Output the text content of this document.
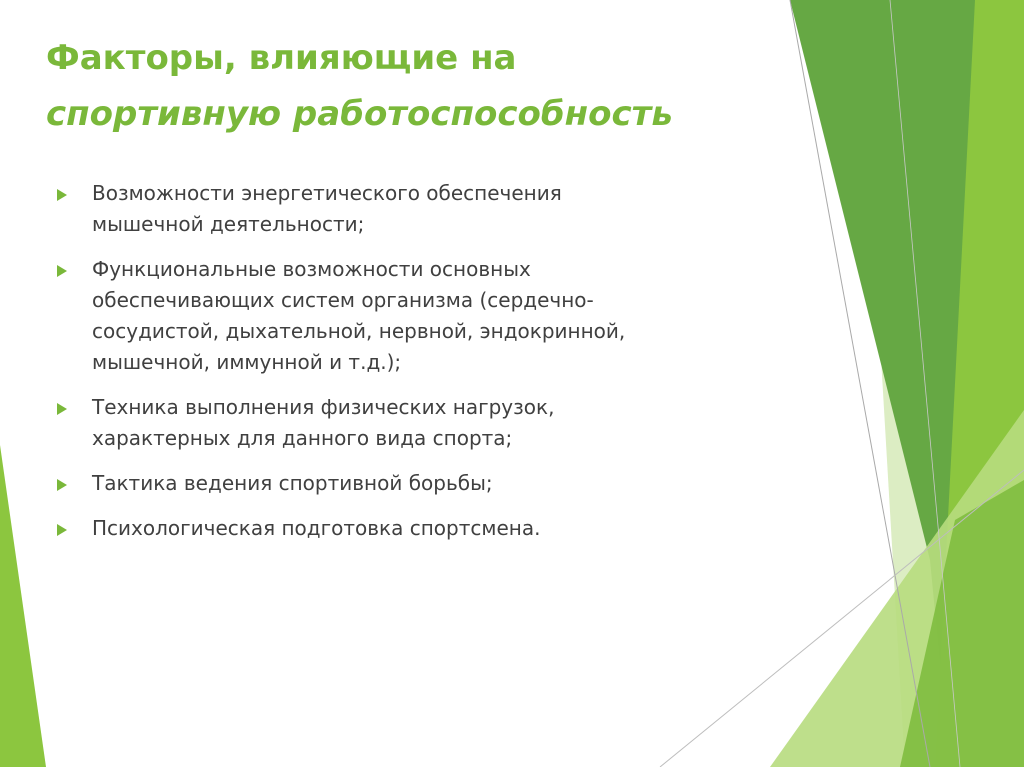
Факторы, влияющие на
спортивную работоспособность
Возможности энергетического обеспечения
мышечной деятельности;
Функциональные возможности основных
обеспечивающих систем организма (сердечно-
сосудистой, дыхательной, нервной, эндокринной,
мышечной, иммунной и т.д.);
Техника выполнения физических нагрузок,
характерных для данного вида спорта;
Тактика ведения спортивной борьбы;
Психологическая подготовка спортсмена.
